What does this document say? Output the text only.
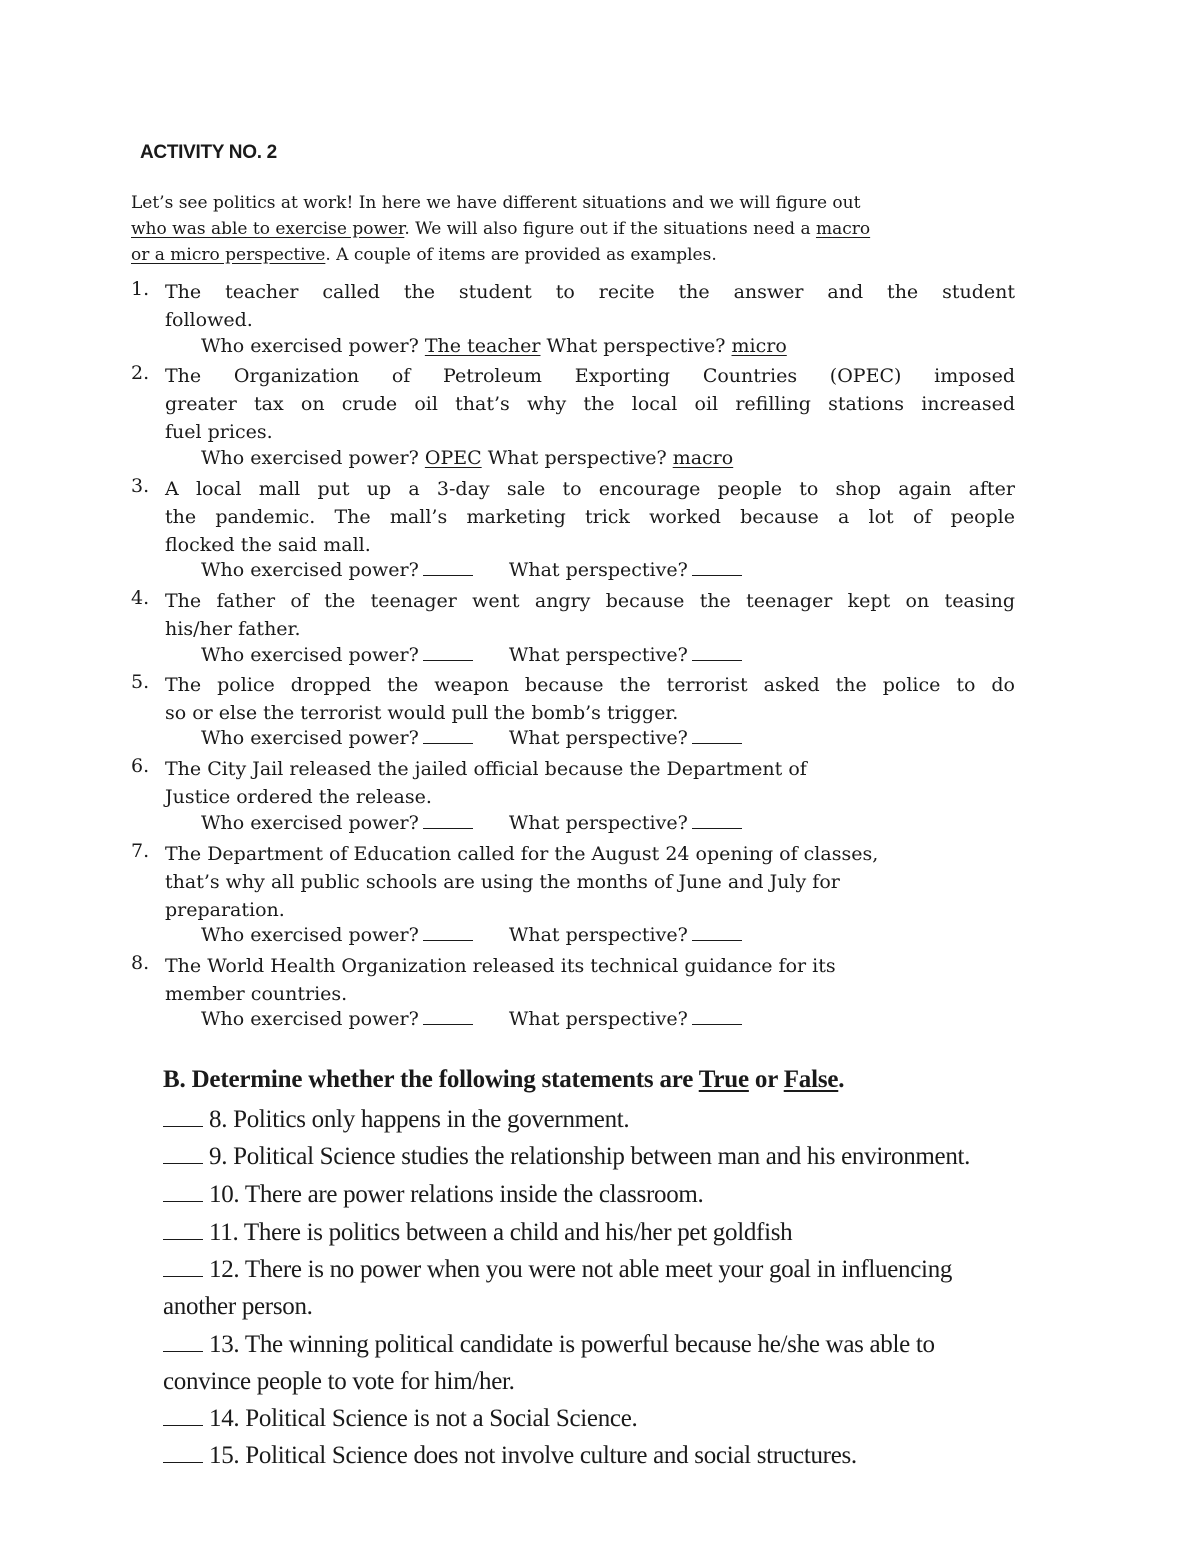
ACTIVITY NO. 2
Let’s see politics at work! In here we have different situations and we will figure out
who was able to exercise power. We will also figure out if the situations need a macro
or a micro perspective. A couple of items are provided as examples.
1. The teacher called the student to recite the answer and the student
followed.
Who exercised power? The teacher What perspective? micro
2. The Organization of Petroleum Exporting Countries (OPEC) imposed
greater tax on crude oil that’s why the local oil refilling stations increased
fuel prices.
Who exercised power? OPEC What perspective? macro
3. A local mall put up a 3-day sale to encourage people to shop again after
the pandemic. The mall’s marketing trick worked because a lot of people
flocked the said mall.
Who exercised power?	What perspective?
4. The father of the teenager went angry because the teenager kept on teasing
his/her father.
Who exercised power?	What perspective?
5. The police dropped the weapon because the terrorist asked the police to do
so or else the terrorist would pull the bomb’s trigger.
Who exercised power?	What perspective?
6. The City Jail released the jailed official because the Department of
Justice ordered the release.
Who exercised power?	What perspective?
7. The Department of Education called for the August 24 opening of classes,
that’s why all public schools are using the months of June and July for
preparation.
Who exercised power?	What perspective?
8. The World Health Organization released its technical guidance for its
member countries.
Who exercised power?	What perspective?
B. Determine whether the following statements are True or False.
8. Politics only happens in the government.
9. Political Science studies the relationship between man and his environment.
10. There are power relations inside the classroom.
11. There is politics between a child and his/her pet goldfish
12. There is no power when you were not able meet your goal in influencing
another person.
13. The winning political candidate is powerful because he/she was able to
convince people to vote for him/her.
14. Political Science is not a Social Science.
15. Political Science does not involve culture and social structures.
